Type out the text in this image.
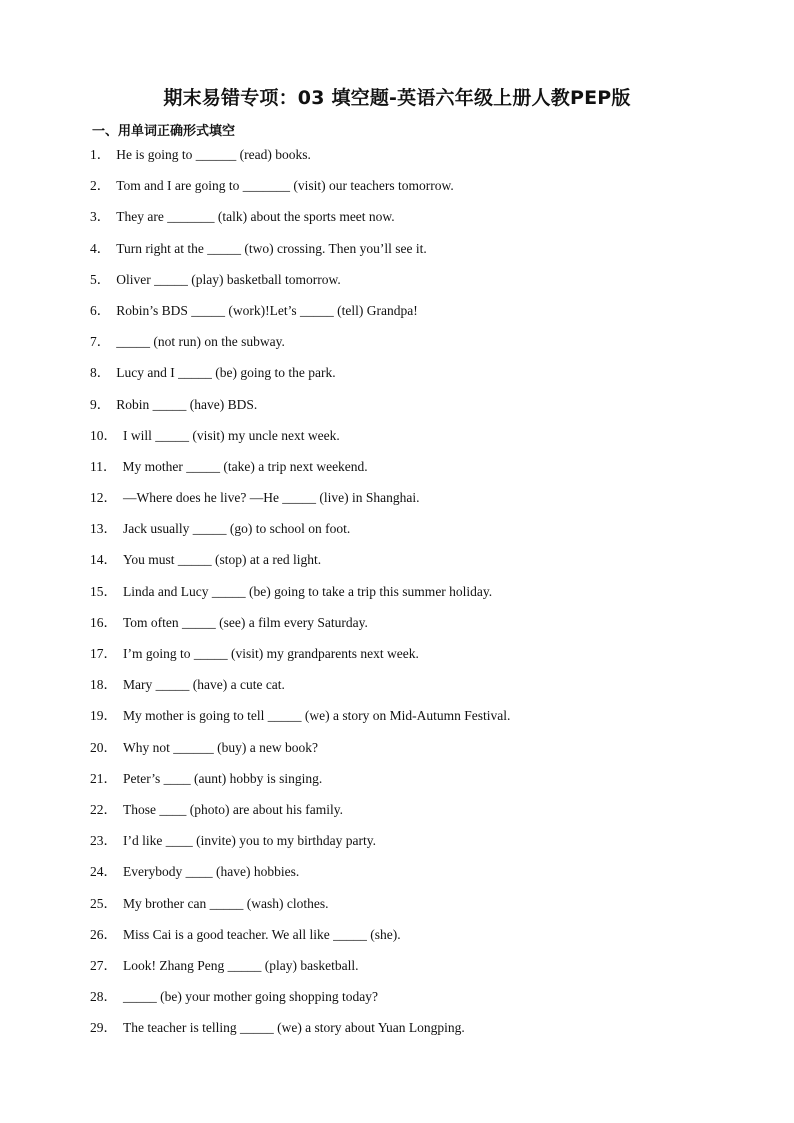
期末易错专项：03 填空题-英语六年级上册人教PEP版
一、用单词正确形式填空
1． He is going to ______ (read) books.
2． Tom and I are going to _______ (visit) our teachers tomorrow.
3． They are _______ (talk) about the sports meet now.
4． Turn right at the _____ (two) crossing. Then you’ll see it.
5． Oliver _____ (play) basketball tomorrow.
6． Robin’s BDS _____ (work)!Let’s _____ (tell) Grandpa!
7． _____ (not run) on the subway.
8． Lucy and I _____ (be) going to the park.
9． Robin _____ (have) BDS.
10． I will _____ (visit) my uncle next week.
11． My mother _____ (take) a trip next weekend.
12． —Where does he live? —He _____ (live) in Shanghai.
13． Jack usually _____ (go) to school on foot.
14． You must _____ (stop) at a red light.
15． Linda and Lucy _____ (be) going to take a trip this summer holiday.
16． Tom often _____ (see) a film every Saturday.
17． I’m going to _____ (visit) my grandparents next week.
18． Mary _____ (have) a cute cat.
19． My mother is going to tell _____ (we) a story on Mid-Autumn Festival.
20． Why not ______ (buy) a new book?
21． Peter’s ____ (aunt) hobby is singing.
22． Those ____ (photo) are about his family.
23． I’d like ____ (invite) you to my birthday party.
24． Everybody ____ (have) hobbies.
25． My brother can _____ (wash) clothes.
26． Miss Cai is a good teacher. We all like _____ (she).
27． Look! Zhang Peng _____ (play) basketball.
28． _____ (be) your mother going shopping today?
29． The teacher is telling _____ (we) a story about Yuan Longping.
